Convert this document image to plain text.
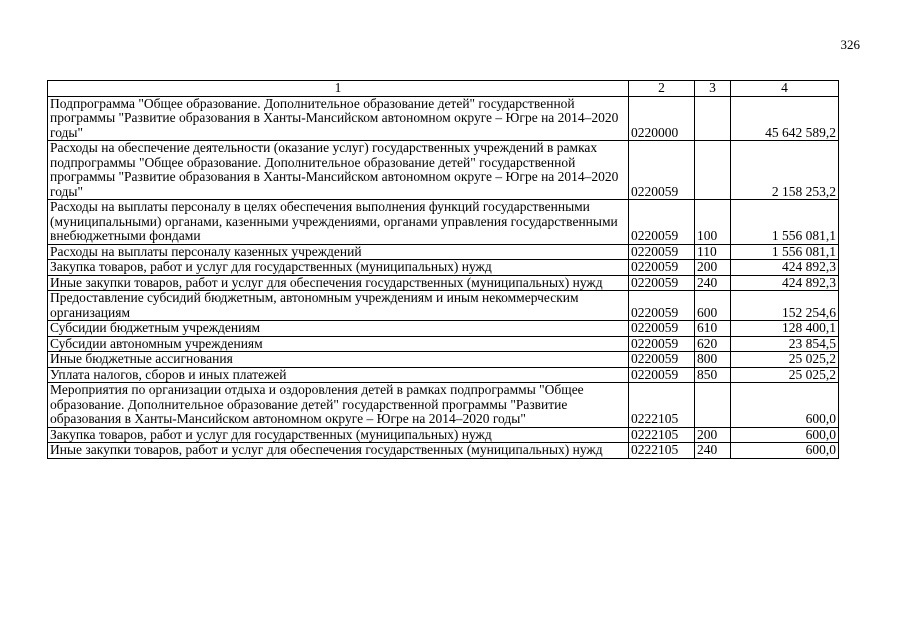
326
1	2	3	4
Подпрограмма "Общее образование. Дополнительное образование детей" государственной программы "Развитие образования в Ханты-Мансийском автономном округе – Югре на 2014–2020 годы"	0220000		45 642 589,2
Расходы на обеспечение деятельности (оказание услуг) государственных учреждений в рамках подпрограммы "Общее образование. Дополнительное образование детей" государственной программы "Развитие образования в Ханты-Мансийском автономном округе – Югре на 2014–2020 годы"	0220059		2 158 253,2
Расходы на выплаты персоналу в целях обеспечения выполнения функций государственными (муниципальными) органами, казенными учреждениями, органами управления государственными внебюджетными фондами	0220059	100	1 556 081,1
Расходы на выплаты персоналу казенных учреждений	0220059	110	1 556 081,1
Закупка товаров, работ и услуг для государственных (муниципальных) нужд	0220059	200	424 892,3
Иные закупки товаров, работ и услуг для обеспечения государственных (муниципальных) нужд	0220059	240	424 892,3
Предоставление субсидий бюджетным, автономным учреждениям и иным некоммерческим организациям	0220059	600	152 254,6
Субсидии бюджетным учреждениям	0220059	610	128 400,1
Субсидии автономным учреждениям	0220059	620	23 854,5
Иные бюджетные ассигнования	0220059	800	25 025,2
Уплата налогов, сборов и иных платежей	0220059	850	25 025,2
Мероприятия по организации отдыха и оздоровления детей в рамках подпрограммы "Общее образование. Дополнительное образование детей" государственной программы "Развитие образования в Ханты-Мансийском автономном округе – Югре на 2014–2020 годы"	0222105		600,0
Закупка товаров, работ и услуг для государственных (муниципальных) нужд	0222105	200	600,0
Иные закупки товаров, работ и услуг для обеспечения государственных (муниципальных) нужд	0222105	240	600,0
